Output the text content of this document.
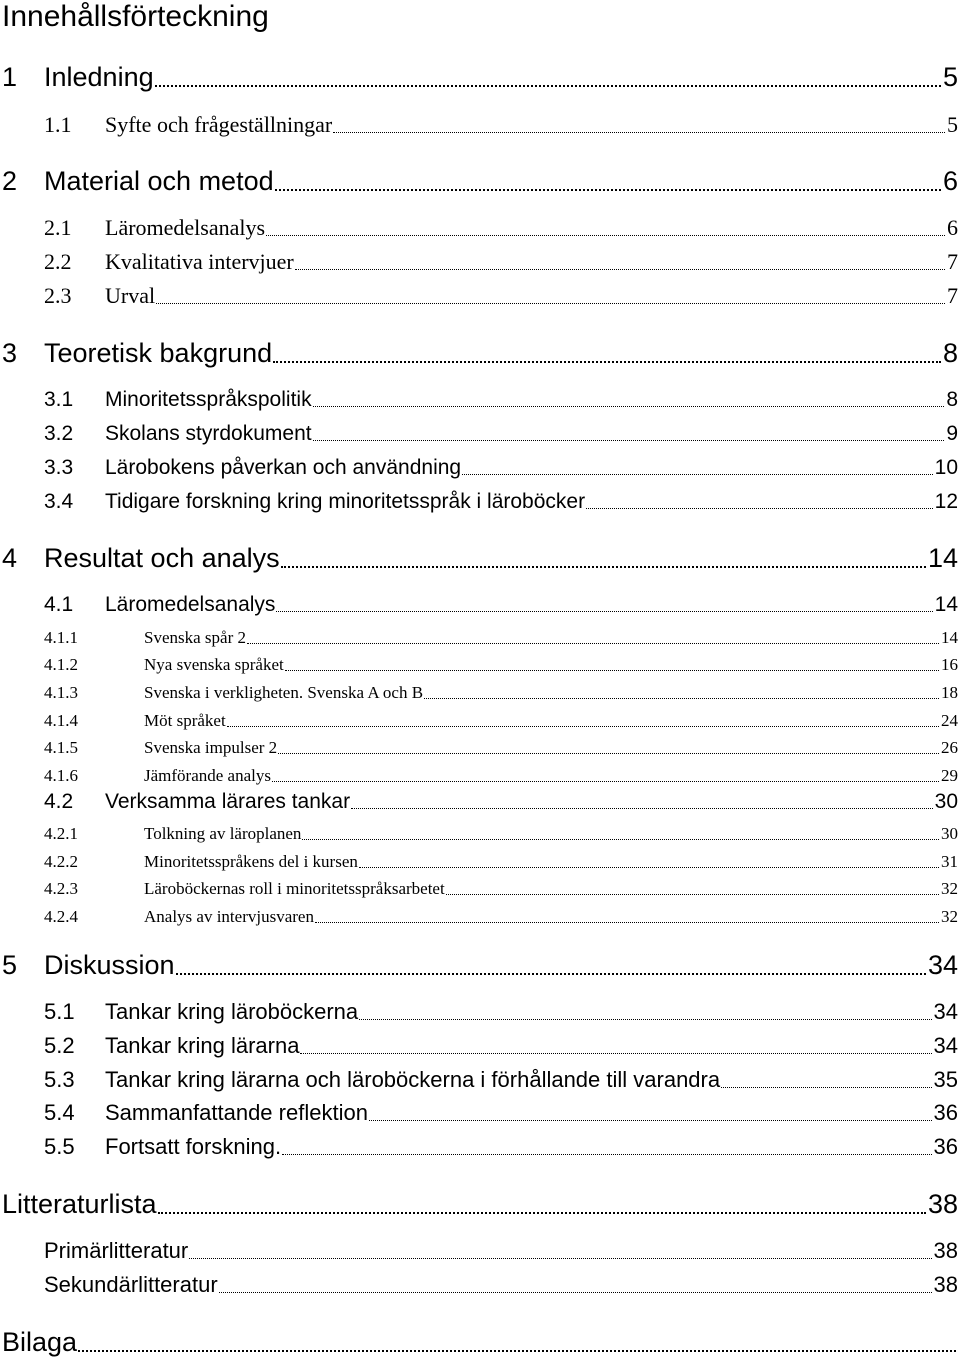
Innehållsförteckning
1 Inledning	5
1.1	Syfte och frågeställningar	5
2 Material och metod	6
2.1	Läromedelsanalys	6
2.2	Kvalitativa intervjuer	7
2.3	Urval	7
3 Teoretisk bakgrund	8
3.1	Minoritetsspråkspolitik	8
3.2	Skolans styrdokument	9
3.3	Lärobokens påverkan och användning	10
3.4	Tidigare forskning kring minoritetsspråk i läroböcker	12
4 Resultat och analys	14
4.1	Läromedelsanalys	14
4.1.1	Svenska spår 2	14
4.1.2	Nya svenska språket	16
4.1.3	Svenska i verkligheten. Svenska A och B	18
4.1.4	Möt språket	24
4.1.5	Svenska impulser 2	26
4.1.6	Jämförande analys	29
4.2	Verksamma lärares tankar	30
4.2.1	Tolkning av läroplanen	30
4.2.2	Minoritetsspråkens del i kursen	31
4.2.3	Läroböckernas roll i minoritetsspråksarbetet	32
4.2.4	Analys av intervjusvaren	32
5 Diskussion	34
5.1	Tankar kring läroböckerna	34
5.2	Tankar kring lärarna	34
5.3	Tankar kring lärarna och läroböckerna i förhållande till varandra	35
5.4	Sammanfattande reflektion	36
5.5	Fortsatt forskning.	36
Litteraturlista	38
Primärlitteratur	38
Sekundärlitteratur	38
Bilaga
